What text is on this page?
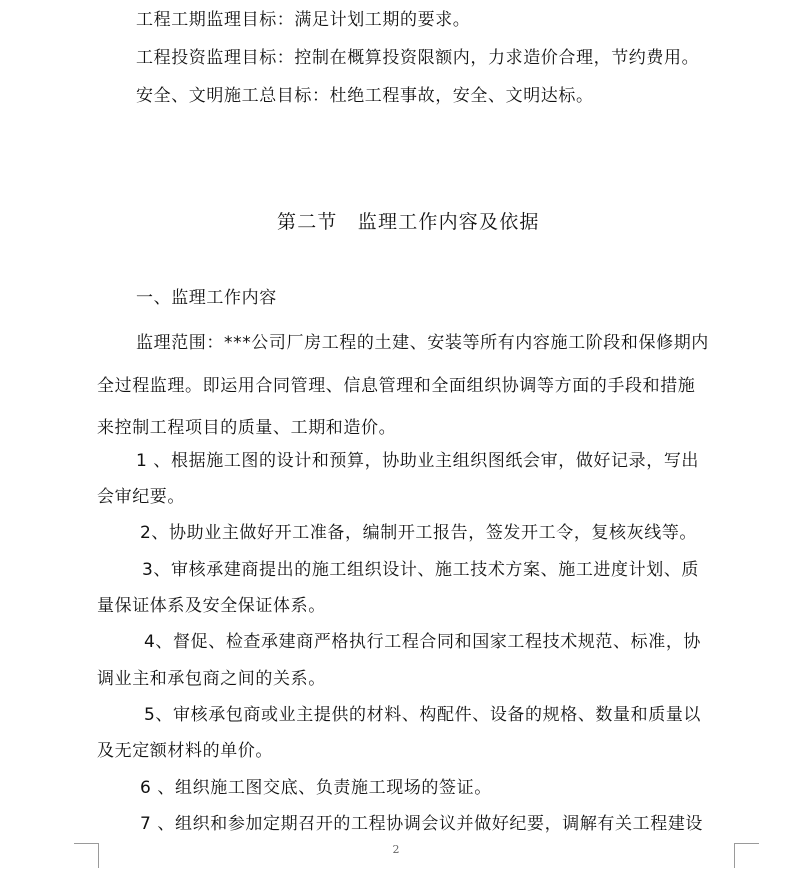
工程工期监理目标：满足计划工期的要求。
工程投资监理目标：控制在概算投资限额内，力求造价合理，节约费用。
安全、文明施工总目标：杜绝工程事故，安全、文明达标。
第二节　监理工作内容及依据
一、监理工作内容
监理范围：***公司厂房工程的土建、安装等所有内容施工阶段和保修期内
全过程监理。即运用合同管理、信息管理和全面组织协调等方面的手段和措施
来控制工程项目的质量、工期和造价。
1 、根据施工图的设计和预算，协助业主组织图纸会审，做好记录，写出
会审纪要。
2、协助业主做好开工准备，编制开工报告，签发开工令，复核灰线等。
3、审核承建商提出的施工组织设计、施工技术方案、施工进度计划、质
量保证体系及安全保证体系。
4、督促、检查承建商严格执行工程合同和国家工程技术规范、标准，协
调业主和承包商之间的关系。
5、审核承包商或业主提供的材料、构配件、设备的规格、数量和质量以
及无定额材料的单价。
6 、组织施工图交底、负责施工现场的签证。
7 、组织和参加定期召开的工程协调会议并做好纪要，调解有关工程建设
2
